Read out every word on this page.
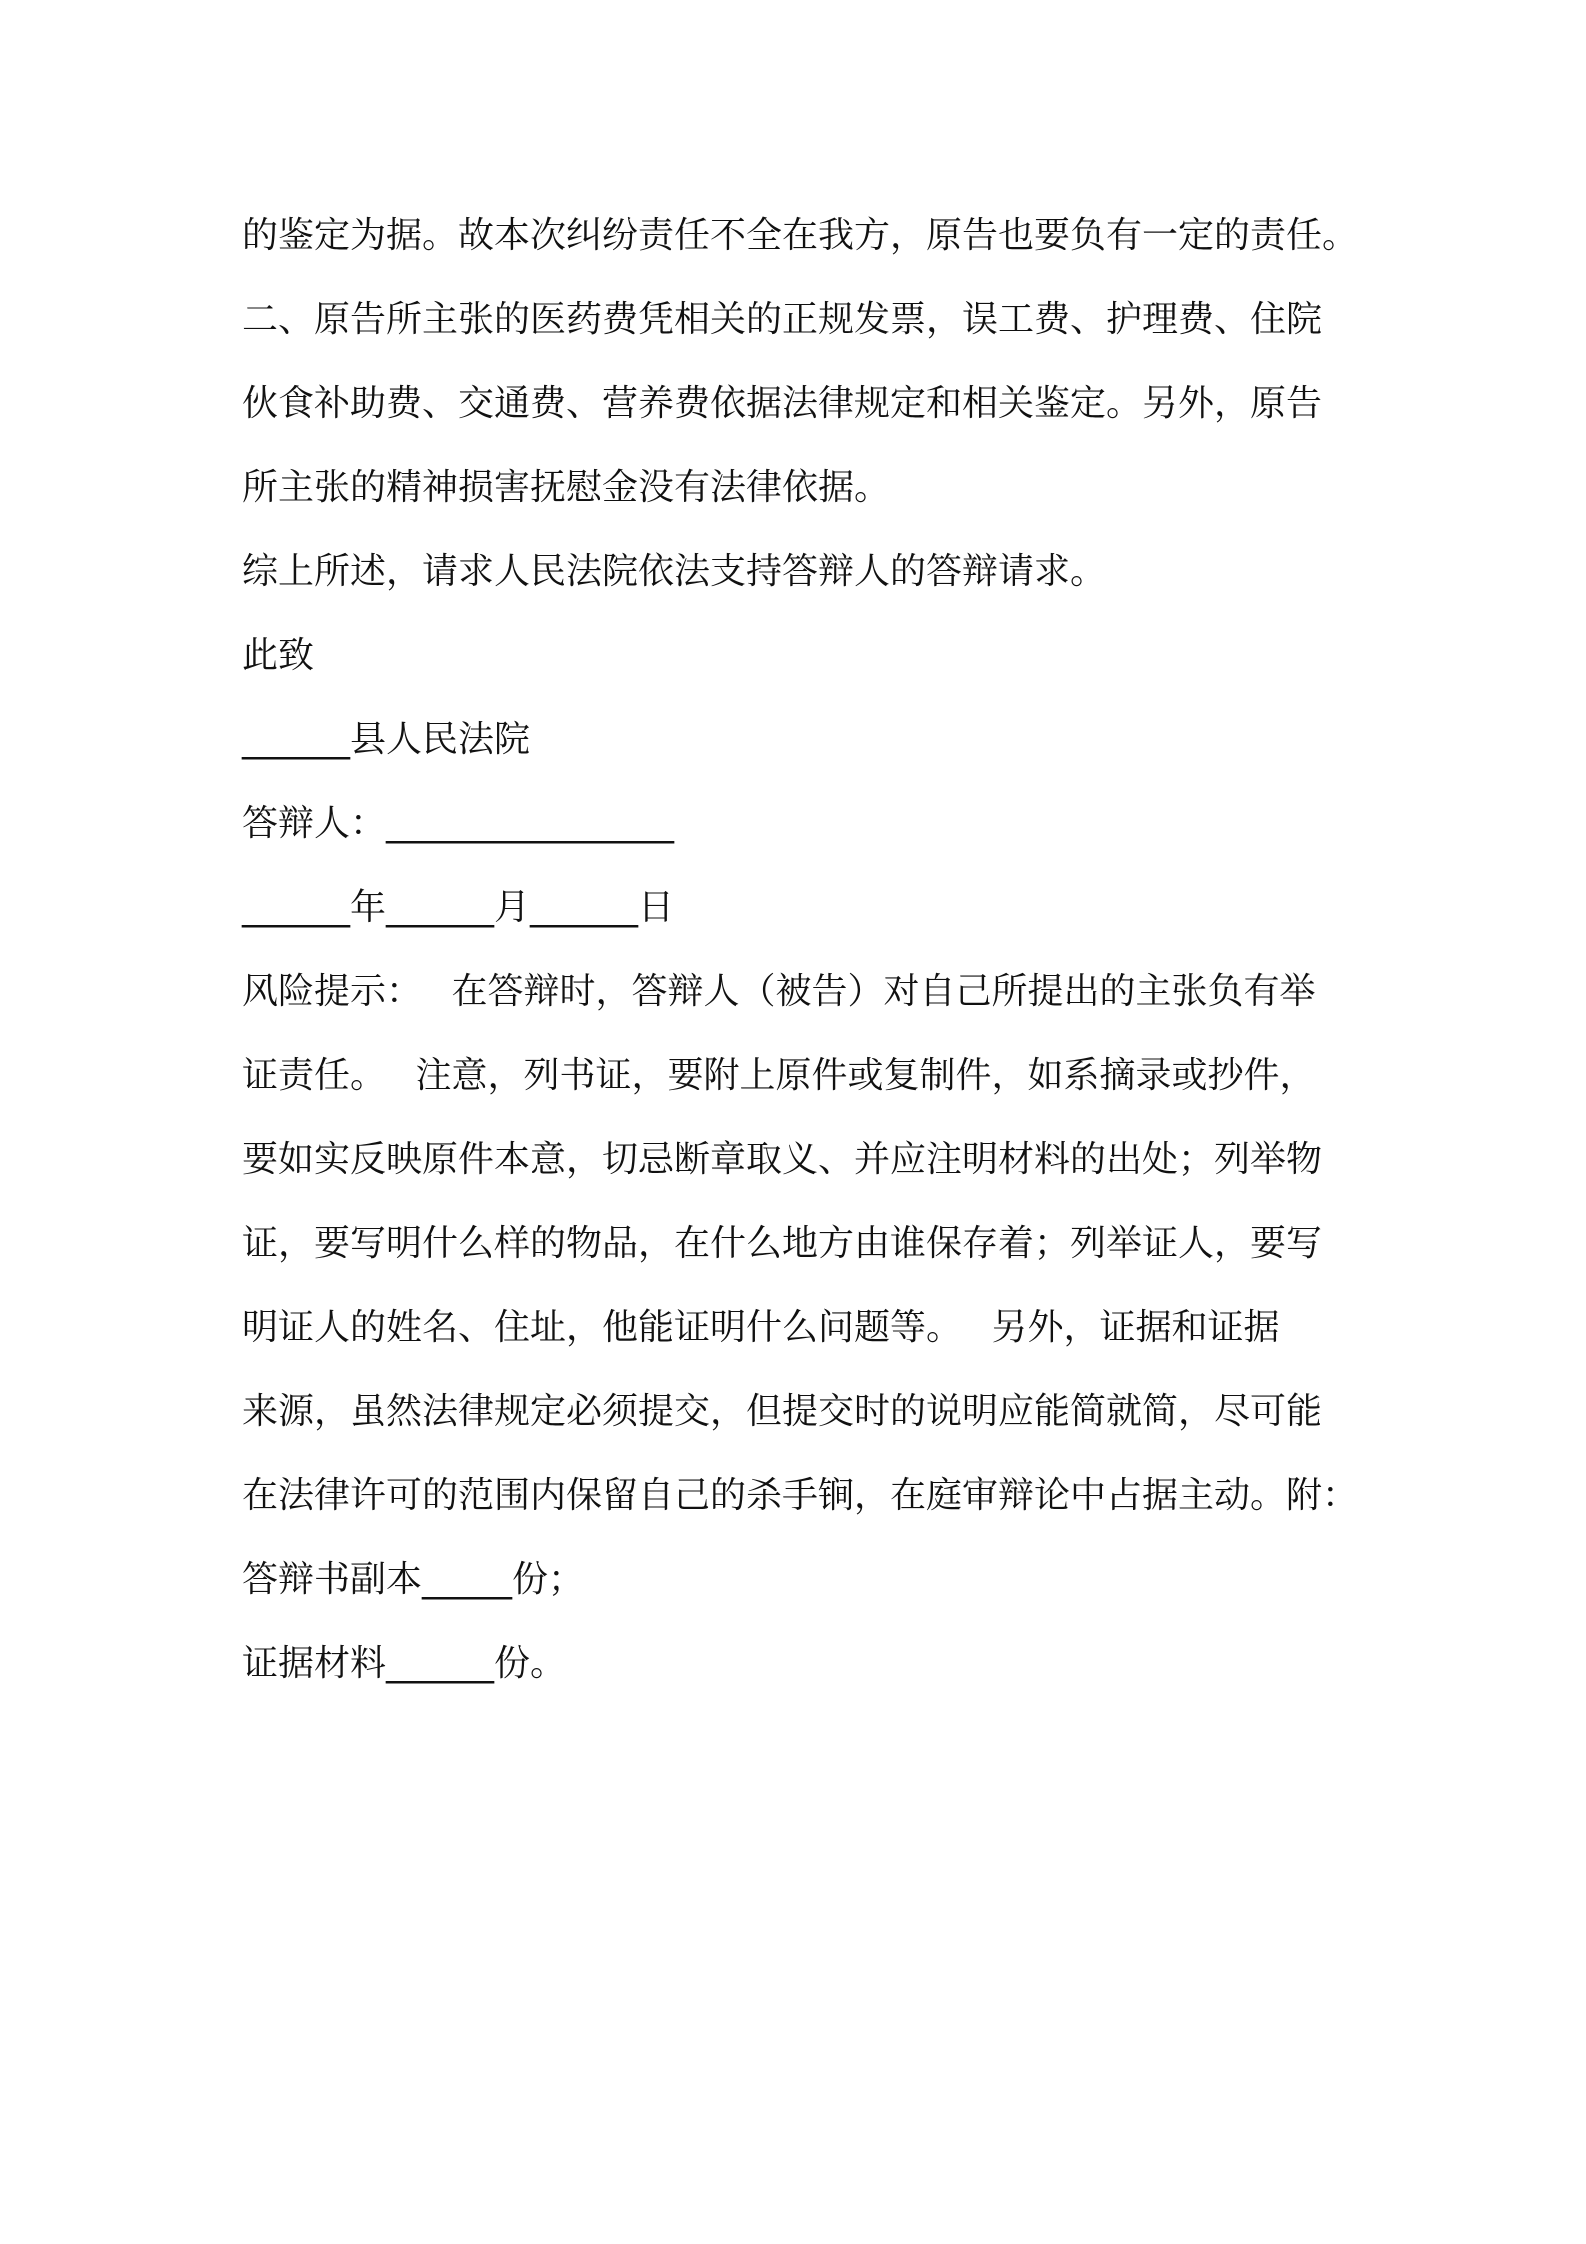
的鉴定为据。故本次纠纷责任不全在我方，原告也要负有一定的责任。
二、原告所主张的医药费凭相关的正规发票，误工费、护理费、住院
伙食补助费、交通费、营养费依据法律规定和相关鉴定。另外，原告
所主张的精神损害抚慰金没有法律依据。
综上所述，请求人民法院依法支持答辩人的答辩请求。
此致
______县人民法院
答辩人：________________
______年______月______日
风险提示：　 在答辩时，答辩人（被告）对自己所提出的主张负有举
证责任。　 注意，列书证，要附上原件或复制件，如系摘录或抄件，
要如实反映原件本意，切忌断章取义、并应注明材料的出处；列举物
证，要写明什么样的物品，在什么地方由谁保存着；列举证人，要写
明证人的姓名、住址，他能证明什么问题等。　 另外，证据和证据
来源，虽然法律规定必须提交，但提交时的说明应能简就简，尽可能
在法律许可的范围内保留自己的杀手锏，在庭审辩论中占据主动。附：
答辩书副本_____份；
证据材料______份。
